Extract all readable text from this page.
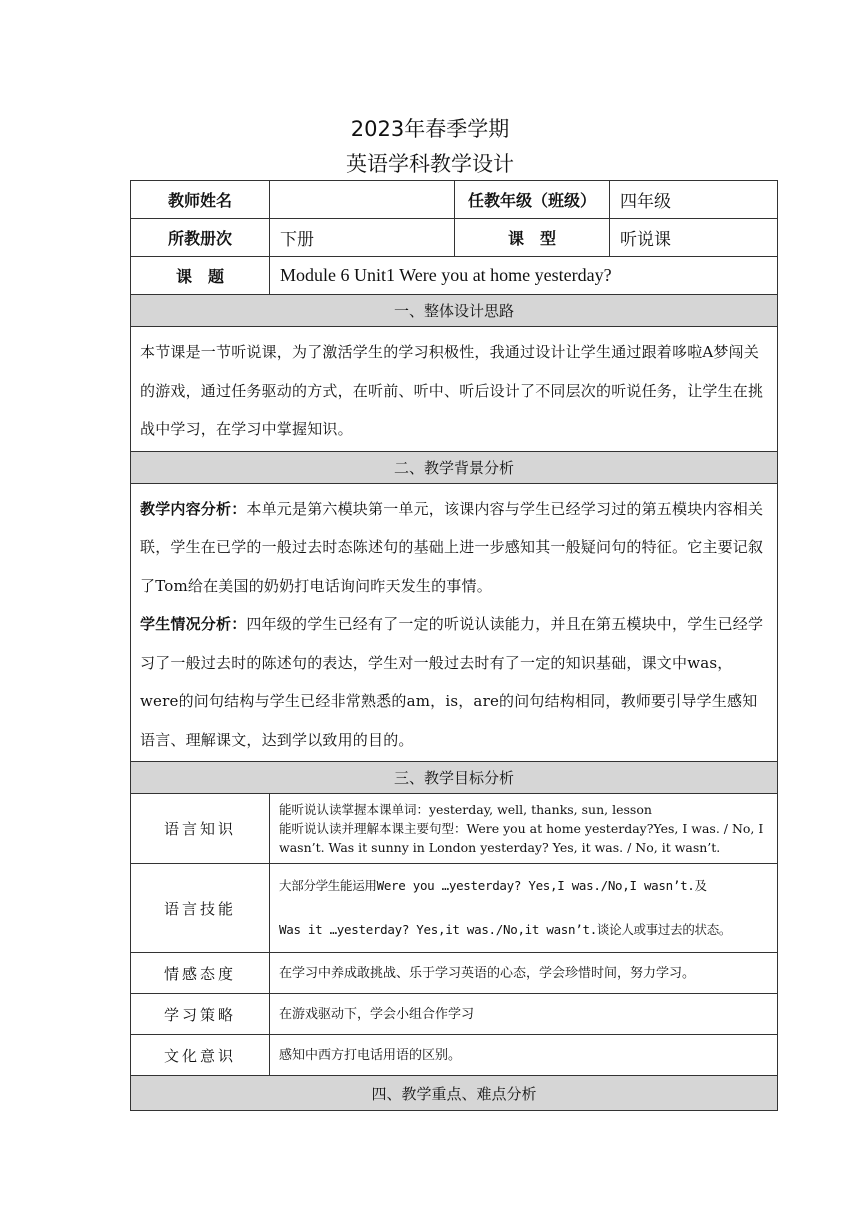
2023年春季学期
英语学科教学设计
教师姓名		任教年级（班级）	四年级
所教册次	下册	课　型	听说课
课　题	Module 6 Unit1 Were you at home yesterday?		
一、整体设计思路			
本节课是一节听说课，为了激活学生的学习积极性，我通过设计让学生通过跟着哆啦A梦闯关的游戏，通过任务驱动的方式，在听前、听中、听后设计了不同层次的听说任务，让学生在挑战中学习，在学习中掌握知识。			
二、教学背景分析			

教学内容分析：本单元是第六模块第一单元，该课内容与学生已经学习过的第五模块内容相关联，学生在已学的一般过去时态陈述句的基础上进一步感知其一般疑问句的特征。它主要记叙了Tom给在美国的奶奶打电话询问昨天发生的事情。

学生情况分析：四年级的学生已经有了一定的听说认读能力，并且在第五模块中，学生已经学习了一般过去时的陈述句的表达，学生对一般过去时有了一定的知识基础，课文中was，were的问句结构与学生已经非常熟悉的am，is，are的问句结构相同，教师要引导学生感知语言、理解课文，达到学以致用的目的。			

三、教学目标分析			
语言知识	能听说认读掌握本课单词：yesterday, well, thanks, sun, lesson
能听说认读并理解本课主要句型：Were you at home yesterday?Yes, I was. / No, I wasn’t. Was it sunny in London yesterday? Yes, it was. / No, it wasn’t.		

语言技能	大部分学生能运用Were you …yesterday? Yes,I was./No,I wasn’t.及
Was it …yesterday? Yes,it was./No,it wasn’t.谈论人或事过去的状态。		

情感态度	在学习中养成敢挑战、乐于学习英语的心态，学会珍惜时间，努力学习。		
学习策略	在游戏驱动下，学会小组合作学习		
文化意识	感知中西方打电话用语的区别。		
四、教学重点、难点分析			
